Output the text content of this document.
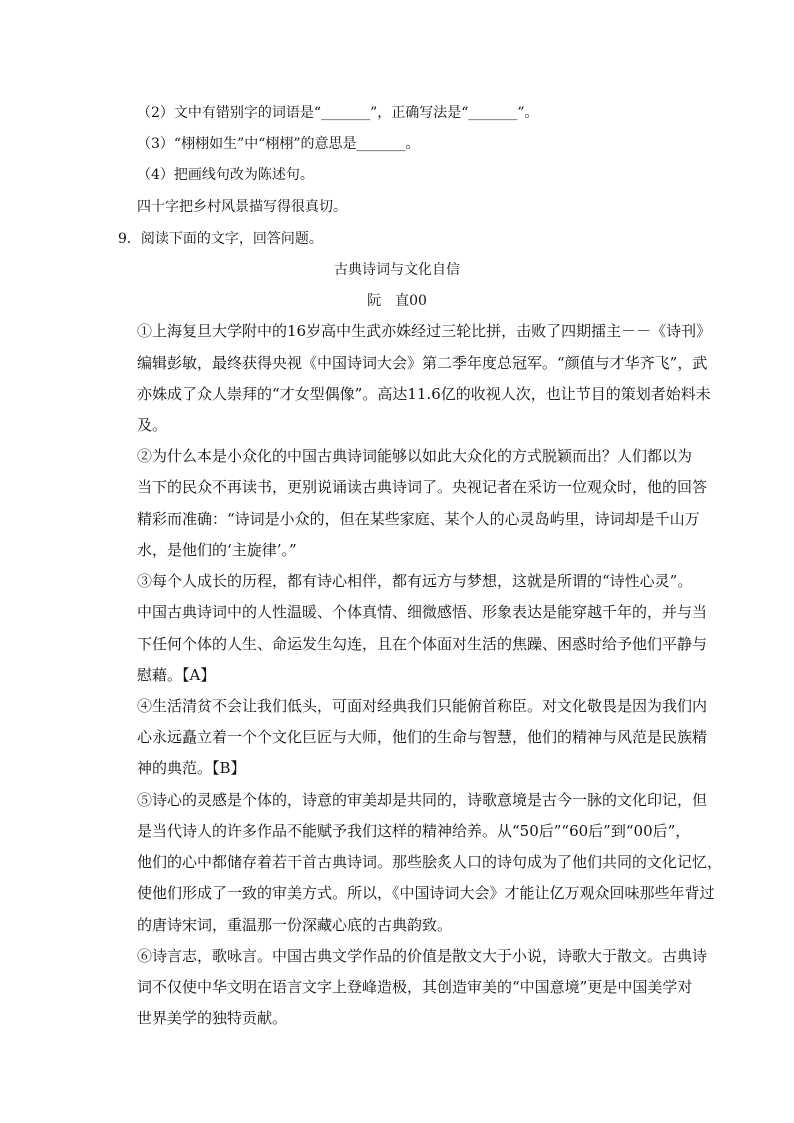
（2）文中有错别字的词语是“_______”，正确写法是“_______”。
（3）“栩栩如生”中“栩栩”的意思是_______。
（4）把画线句改为陈述句。
四十字把乡村风景描写得很真切。
9．阅读下面的文字，回答问题。
古典诗词与文化自信
阮　直00
①上海复旦大学附中的16岁高中生武亦姝经过三轮比拼，击败了四期擂主－－《诗刊》
编辑彭敏，最终获得央视《中国诗词大会》第二季年度总冠军。“颜值与才华齐飞”，武
亦姝成了众人崇拜的“才女型偶像”。高达11.6亿的收视人次，也让节目的策划者始料未
及。
②为什么本是小众化的中国古典诗词能够以如此大众化的方式脱颖而出？人们都以为
当下的民众不再读书，更别说诵读古典诗词了。央视记者在采访一位观众时，他的回答
精彩而准确：“诗词是小众的，但在某些家庭、某个人的心灵岛屿里，诗词却是千山万
水，是他们的‘主旋律’。”
③每个人成长的历程，都有诗心相伴，都有远方与梦想，这就是所谓的“诗性心灵”。
中国古典诗词中的人性温暖、个体真情、细微感悟、形象表达是能穿越千年的，并与当
下任何个体的人生、命运发生勾连，且在个体面对生活的焦躁、困惑时给予他们平静与
慰藉。【A】
④生活清贫不会让我们低头，可面对经典我们只能俯首称臣。对文化敬畏是因为我们内
心永远矗立着一个个文化巨匠与大师，他们的生命与智慧，他们的精神与风范是民族精
神的典范。【B】
⑤诗心的灵感是个体的，诗意的审美却是共同的，诗歌意境是古今一脉的文化印记，但
是当代诗人的许多作品不能赋予我们这样的精神给养。从“50后”“60后”到“00后”，
他们的心中都储存着若干首古典诗词。那些脍炙人口的诗句成为了他们共同的文化记忆，
使他们形成了一致的审美方式。所以，《中国诗词大会》才能让亿万观众回味那些年背过
的唐诗宋词，重温那一份深藏心底的古典韵致。
⑥诗言志，歌咏言。中国古典文学作品的价值是散文大于小说，诗歌大于散文。古典诗
词不仅使中华文明在语言文字上登峰造极，其创造审美的“中国意境”更是中国美学对
世界美学的独特贡献。
